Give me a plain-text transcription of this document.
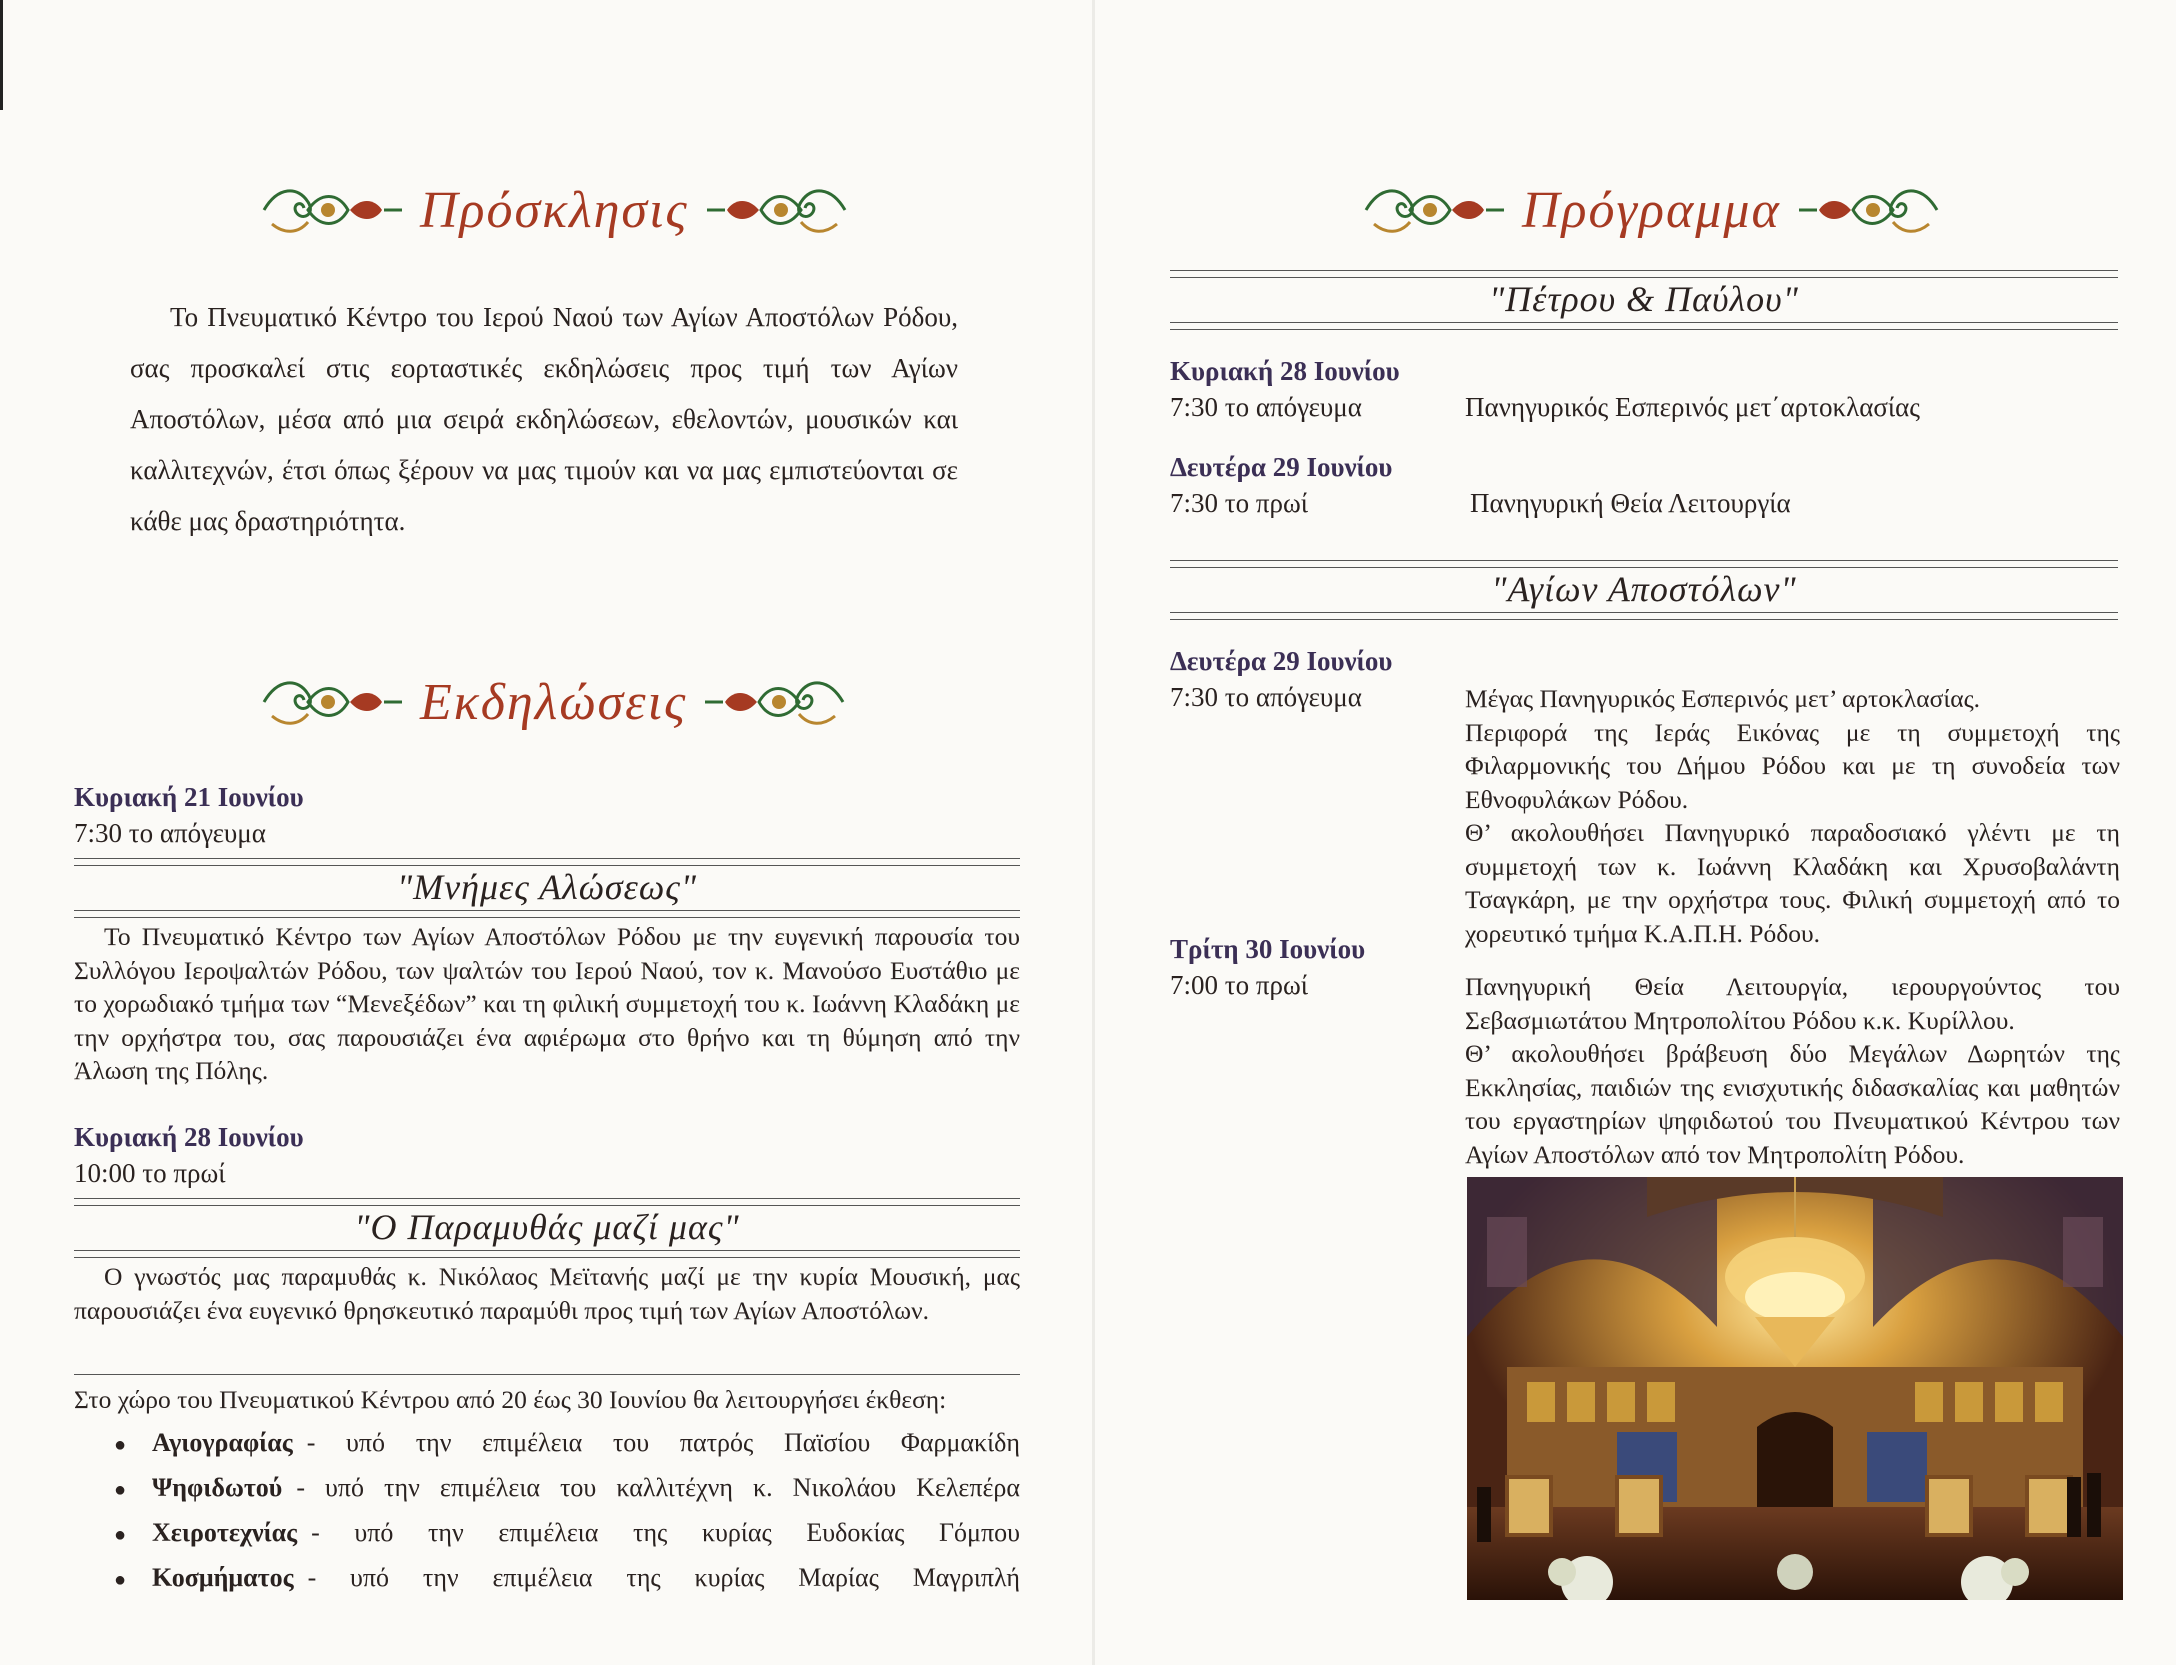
Πρόσκλησις
Το Πνευματικό Κέντρο του Ιερού Ναού των Αγίων Αποστόλων Ρόδου, σας προσκαλεί στις εορταστικές εκδηλώσεις προς τιμή των Αγίων Αποστόλων, μέσα από μια σειρά εκδηλώσεων, εθελοντών, μουσικών και καλλιτεχνών, έτσι όπως ξέρουν να μας τιμούν και να μας εμπιστεύονται σε κάθε μας δραστηριότητα.
Εκδηλώσεις
Κυριακή 21 Ιουνίου
7:30 το απόγευμα
"Μνήμες Αλώσεως"
Το Πνευματικό Κέντρο των Αγίων Αποστόλων Ρόδου με την ευγενική παρουσία του Συλλόγου Ιεροψαλτών Ρόδου, των ψαλτών του Ιερού Ναού, τον κ. Μανούσο Ευστάθιο με το χορωδιακό τμήμα των “Μενεξέδων” και τη φιλική συμμετοχή του κ. Ιωάννη Κλαδάκη με την ορχήστρα του, σας παρουσιάζει ένα αφιέρωμα στο θρήνο και τη θύμηση από την Άλωση της Πόλης.
Κυριακή 28 Ιουνίου
10:00 το πρωί
"Ο Παραμυθάς μαζί μας"
Ο γνωστός μας παραμυθάς κ. Νικόλαος Μεϊτανής μαζί με την κυρία Μουσική, μας παρουσιάζει ένα ευγενικό θρησκευτικό παραμύθι προς τιμή των Αγίων Αποστόλων.
Στο χώρο του Πνευματικού Κέντρου από 20 έως 30 Ιουνίου θα λειτουργήσει έκθεση:
● Αγιογραφίας - υπό την επιμέλεια του πατρός Παϊσίου Φαρμακίδη
● Ψηφιδωτού - υπό την επιμέλεια του καλλιτέχνη κ. Νικολάου Κελεπέρα
● Χειροτεχνίας - υπό την επιμέλεια της κυρίας Ευδοκίας Γόμπου
● Κοσμήματος - υπό την επιμέλεια της κυρίας Μαρίας Μαγριπλή
Πρόγραμμα
"Πέτρου & Παύλου"
Κυριακή 28 Ιουνίου
7:30 το απόγευμα	Πανηγυρικός Εσπερινός μετ΄αρτοκλασίας
Δευτέρα 29 Ιουνίου
7:30 το πρωί	Πανηγυρική Θεία Λειτουργία
"Αγίων Αποστόλων"
Δευτέρα 29 Ιουνίου
7:30 το απόγευμα	Μέγας Πανηγυρικός Εσπερινός μετ’ αρτοκλασίας.
Περιφορά της Ιεράς Εικόνας με τη συμμετοχή της Φιλαρμονικής του Δήμου Ρόδου και με τη συνοδεία των Εθνοφυλάκων Ρόδου.
Θ’ ακολουθήσει Πανηγυρικό παραδοσιακό γλέντι με τη συμμετοχή των κ. Ιωάννη Κλαδάκη και Χρυσοβαλάντη Τσαγκάρη, με την ορχήστρα τους. Φιλική συμμετοχή από το χορευτικό τμήμα Κ.Α.Π.Η. Ρόδου.
Τρίτη 30 Ιουνίου
7:00 το πρωί	Πανηγυρική Θεία Λειτουργία, ιερουργούντος του Σεβασμιωτάτου Μητροπολίτου Ρόδου κ.κ. Κυρίλλου.
Θ’ ακολουθήσει βράβευση δύο Μεγάλων Δωρητών της Εκκλησίας, παιδιών της ενισχυτικής διδασκαλίας και μαθητών του εργαστηρίων ψηφιδωτού του Πνευματικού Κέντρου των Αγίων Αποστόλων από τον Μητροπολίτη Ρόδου.
